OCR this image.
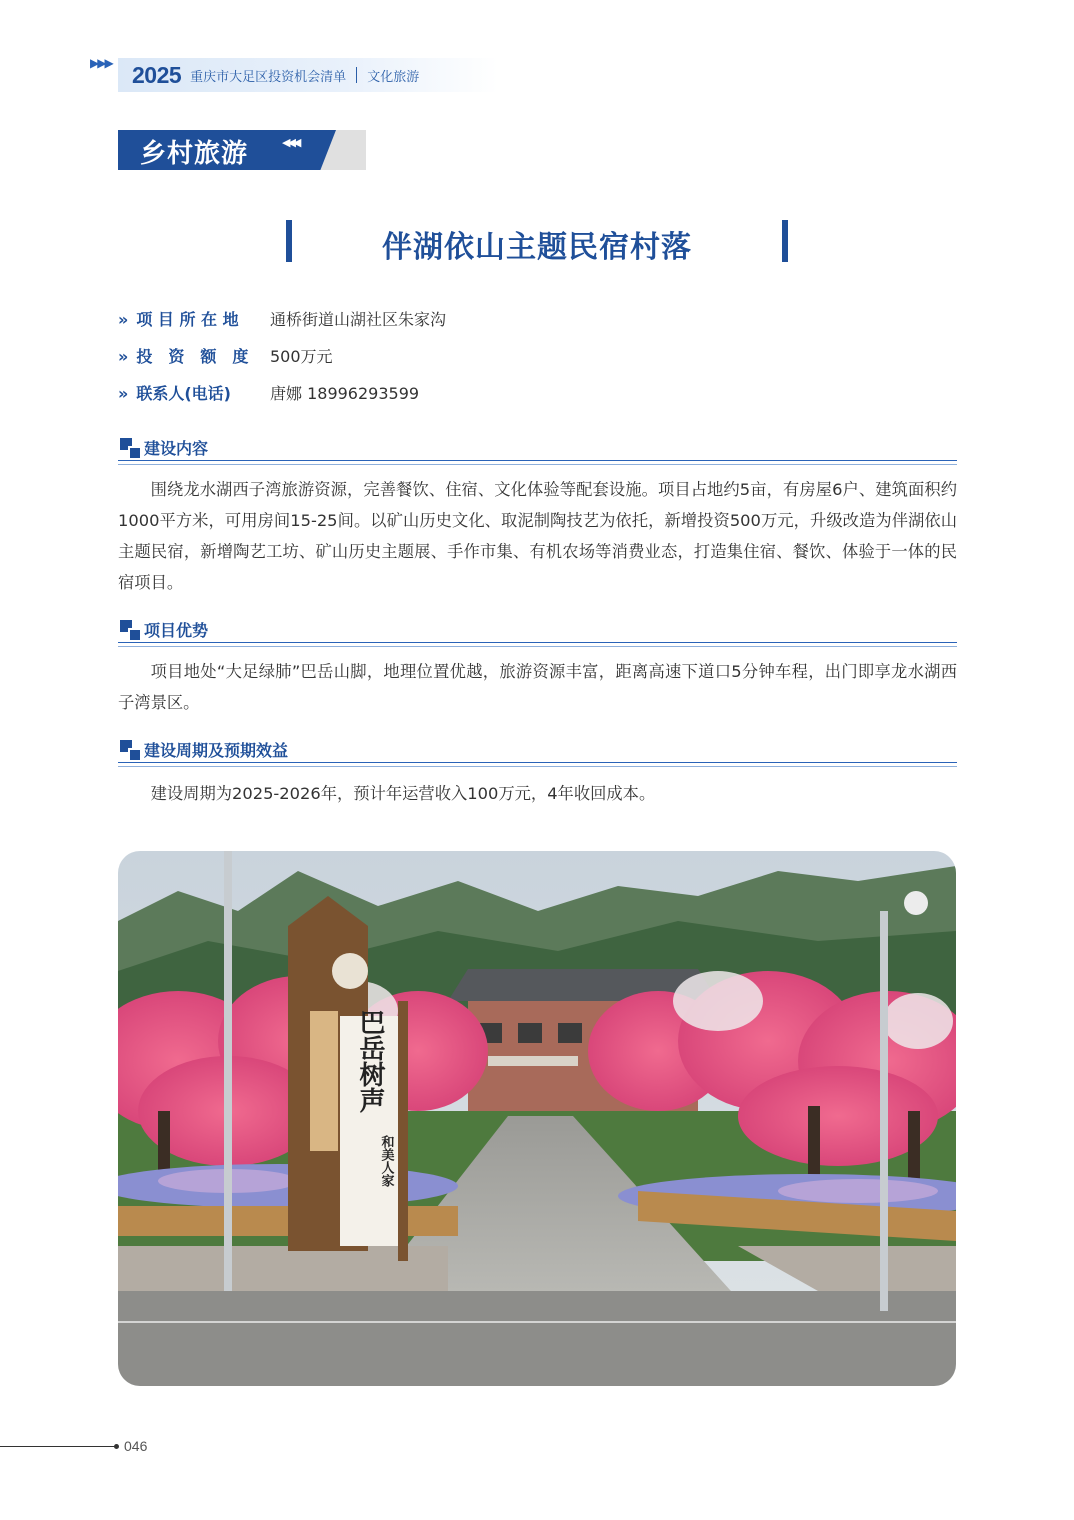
▶▶▶ 2025 重庆市大足区投资机会清单 文化旅游
乡村旅游	◀◀◀
伴湖依山主题民宿村落
» 项 目 所 在 地	通桥街道山湖社区朱家沟
» 投　资　额　度	500万元
» 联系人(电话)	唐娜 18996293599
建设内容

围绕龙水湖西子湾旅游资源，完善餐饮、住宿、文化体验等配套设施。项目占地约5亩，有房屋6户、建筑面积约1000平方米，可用房间15-25间。以矿山历史文化、取泥制陶技艺为依托，新增投资500万元，升级改造为伴湖依山主题民宿，新增陶艺工坊、矿山历史主题展、手作市集、有机农场等消费业态，打造集住宿、餐饮、体验于一体的民宿项目。

项目优势

项目地处“大足绿肺”巴岳山脚，地理位置优越，旅游资源丰富，距离高速下道口5分钟车程，出门即享龙水湖西子湾景区。

建设周期及预期效益

建设周期为2025-2026年，预计年运营收入100万元，4年收回成本。

巴岳树声
和美人家
046
